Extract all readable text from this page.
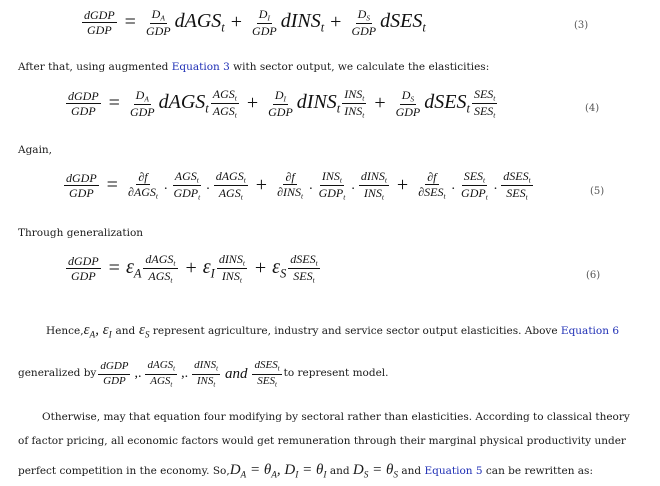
$\frac{\text{dGDP}}{\text{GDP}} = \frac{D_A}{\text{GDP}}$ dAGS$_t$ + $\frac{D_I}{\text{GDP}}$ dINS$_t$ + $\frac{D_S}{\text{GDP}}$ dSES$_t$	(3)
After that, using augmented Equation 3 with sector output, we calculate the elasticities:
$\frac{\text{dGDP}}{\text{GDP}} = \frac{D_A}{\text{GDP}}$ dAGS$_t$ $\frac{AGS_t}{AGS_t} + \frac{D_I}{\text{GDP}}$ dINS$_t$ $\frac{INS_t}{INS_t} + \frac{D_S}{\text{GDP}}$ dSES$_t$ $\frac{SES_t}{SES_t}$	(4)
Again,
$\frac{\text{dGDP}}{\text{GDP}} = \frac{\partial f}{\partial AGS_t}$ . $\frac{AGS_t}{GDP_t}$ . $\frac{dAGS_t}{AGS_t} + \frac{\partial f}{\partial INS_t}$ . $\frac{INS_t}{GDP_t}$ . $\frac{dINS_t}{INS_t} + \frac{\partial f}{\partial SES_t}$ . $\frac{SES_t}{GDP_t}$ . $\frac{dSES_t}{SES_t}$	(5)
Through generalization
$\frac{\text{dGDP}}{\text{GDP}} = \varepsilon_A \frac{dAGS_t}{AGS_t} + \varepsilon_I \frac{dINS_t}{INS_t} + \varepsilon_S \frac{dSES_t}{SES_t}$	(6)
$Hence,\varepsilon_A$, $\varepsilon_I$ and $\varepsilon_S$ represent agriculture, industry and service sector output elasticities. Above Equation 6
generalized by $\frac{\text{dGDP}}{\text{GDP}}$ ,. $\frac{dAGS_t}{AGS_t}$ ,. $\frac{dINS_t}{INS_t}$ and $\frac{dSES_t}{SES_t}$ to represent model.
Otherwise, may that equation four modifying by sectoral rather than elasticities. According to classical theory
of factor pricing, all economic factors would get remuneration through their marginal physical productivity under
perfect competition in the economy. $So,D_A = \theta_A$, $D_I = \theta_I$ and $D_S = \theta_S$ and Equation 5 can be rewritten as:
